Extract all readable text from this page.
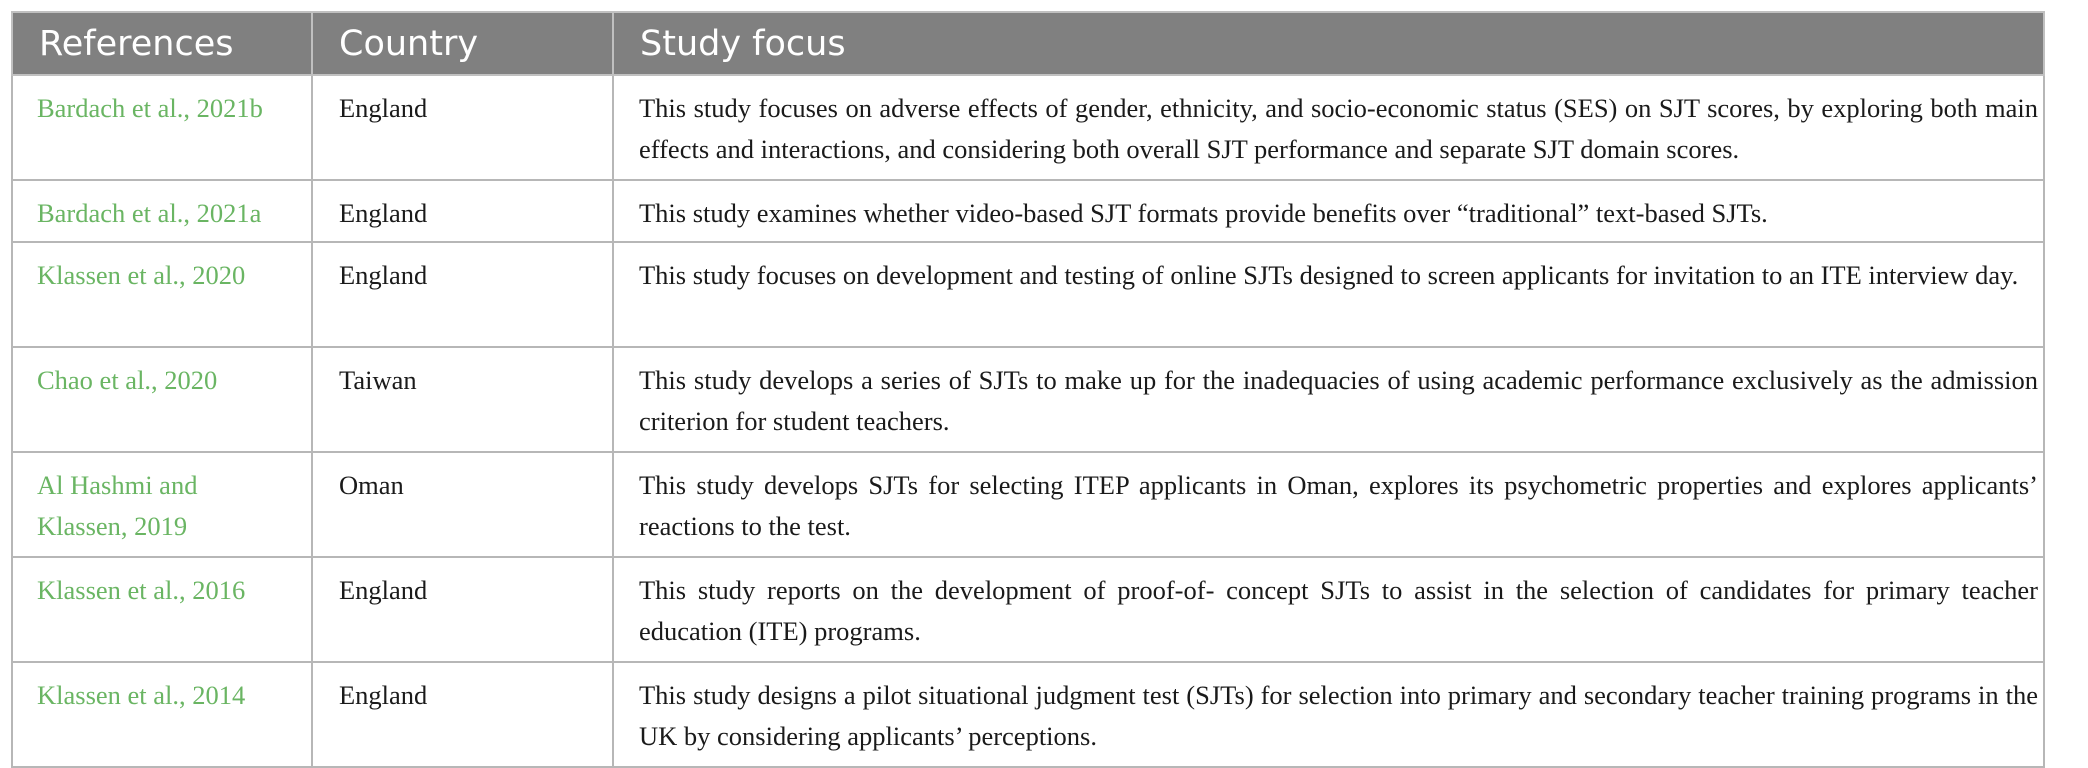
References	Country	Study focus
Bardach et al., 2021b	England	This study focuses on adverse effects of gender, ethnicity, and socio-economic status (SES) on SJT scores, by exploring both main effects and interactions, and considering both overall SJT performance and separate SJT domain scores.
Bardach et al., 2021a	England	This study examines whether video-based SJT formats provide benefits over “traditional” text-based SJTs.
Klassen et al., 2020	England	This study focuses on development and testing of online SJTs designed to screen applicants for invitation to an ITE interview day.
Chao et al., 2020	Taiwan	This study develops a series of SJTs to make up for the inadequacies of using academic performance exclusively as the admission criterion for student teachers.
Al Hashmi and Klassen, 2019	Oman	This study develops SJTs for selecting ITEP applicants in Oman, explores its psychometric properties and explores applicants’ reactions to the test.
Klassen et al., 2016	England	This study reports on the development of proof-of- concept SJTs to assist in the selection of candidates for primary teacher education (ITE) programs.
Klassen et al., 2014	England	This study designs a pilot situational judgment test (SJTs) for selection into primary and secondary teacher training programs in the UK by considering applicants’ perceptions.
